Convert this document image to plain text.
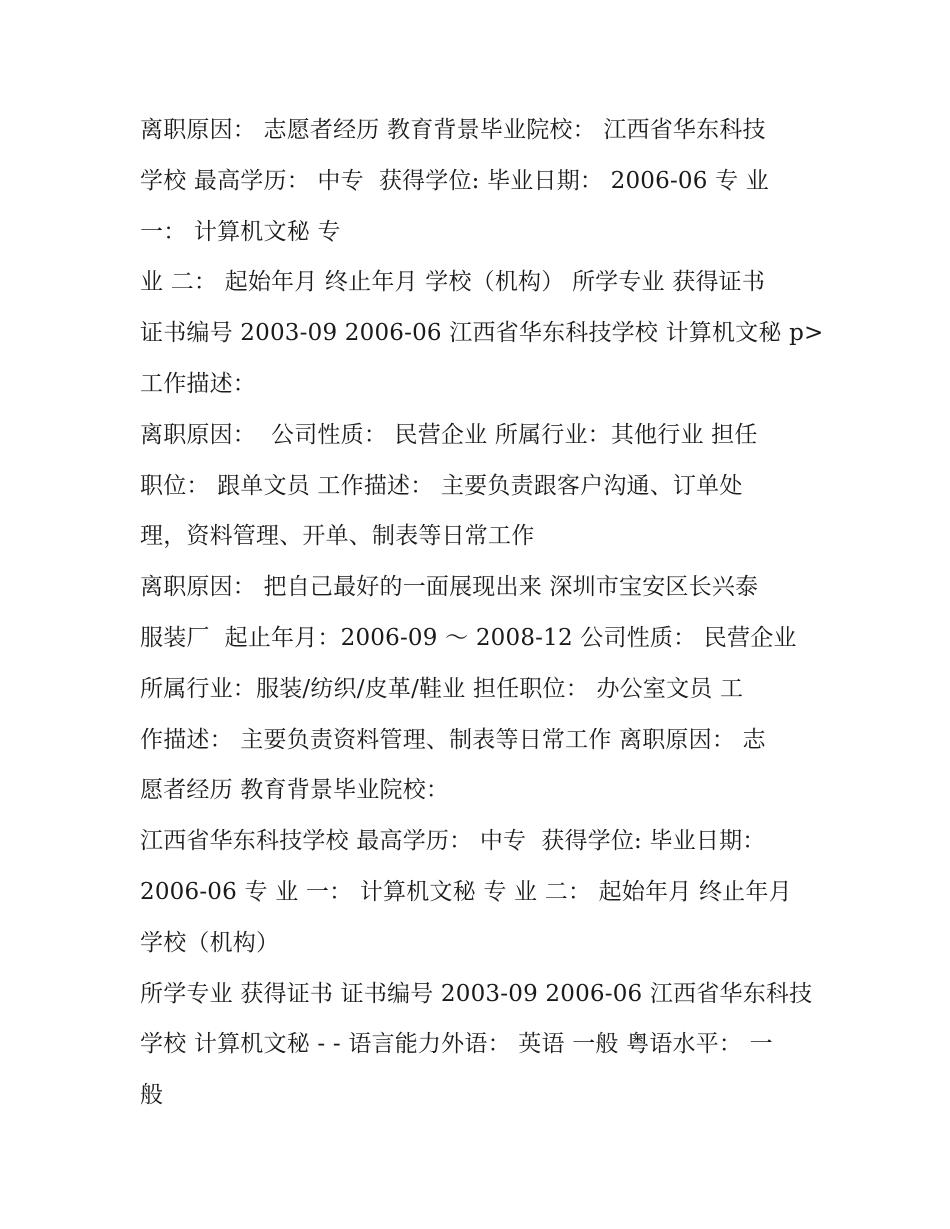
离职原因： 志愿者经历 教育背景毕业院校： 江西省华东科技
学校 最高学历： 中专  获得学位: 毕业日期： 2006-06 专 业
一： 计算机文秘 专
业 二： 起始年月 终止年月 学校（机构） 所学专业 获得证书
证书编号 2003-09 2006-06 江西省华东科技学校 计算机文秘 p>
工作描述：
离职原因：  公司性质： 民营企业 所属行业：其他行业 担任
职位： 跟单文员 工作描述： 主要负责跟客户沟通、订单处
理，资料管理、开单、制表等日常工作
离职原因： 把自己最好的一面展现出来 深圳市宝安区长兴泰
服装厂  起止年月：2006-09 ～ 2008-12 公司性质： 民营企业
所属行业：服装/纺织/皮革/鞋业 担任职位： 办公室文员 工
作描述： 主要负责资料管理、制表等日常工作 离职原因： 志
愿者经历 教育背景毕业院校：
江西省华东科技学校 最高学历： 中专  获得学位: 毕业日期：
2006-06 专 业 一： 计算机文秘 专 业 二： 起始年月 终止年月
学校（机构）
所学专业 获得证书 证书编号 2003-09 2006-06 江西省华东科技
学校 计算机文秘 - - 语言能力外语： 英语 一般 粤语水平： 一
般
